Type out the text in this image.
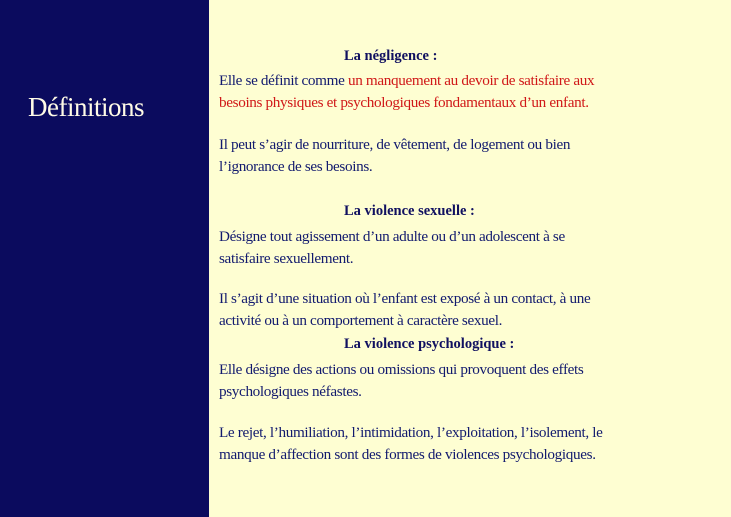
Définitions
La négligence :
Elle se définit comme un manquement au devoir de satisfaire aux
besoins physiques et psychologiques fondamentaux d’un enfant.
Il peut s’agir de nourriture, de vêtement, de logement ou bien
l’ignorance de ses besoins.
La violence sexuelle :
Désigne tout agissement d’un adulte ou d’un adolescent à se
satisfaire sexuellement.
Il s’agit d’une situation où l’enfant est exposé à un contact, à une
activité ou à un comportement à caractère sexuel.
La violence psychologique :
Elle désigne des actions ou omissions qui provoquent des effets
psychologiques néfastes.
Le rejet, l’humiliation, l’intimidation, l’exploitation, l’isolement, le
manque d’affection sont des formes de violences psychologiques.
